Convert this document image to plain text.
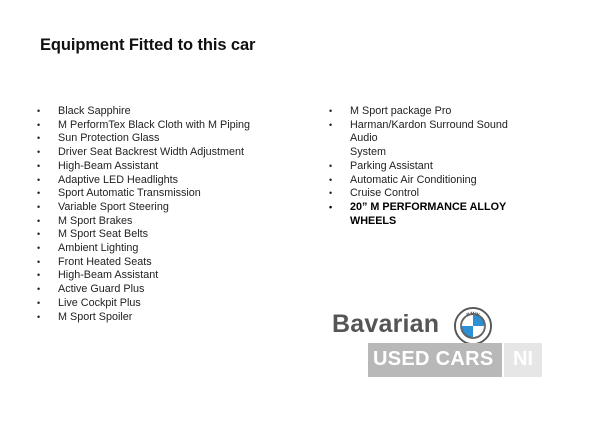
Equipment Fitted to this car
• Black Sapphire
• M PerformTex Black Cloth with M Piping
• Sun Protection Glass
• Driver Seat Backrest Width Adjustment
• High-Beam Assistant
• Adaptive LED Headlights
• Sport Automatic Transmission
• Variable Sport Steering
• M Sport Brakes
• M Sport Seat Belts
• Ambient Lighting
• Front Heated Seats
• High-Beam Assistant
• Active Guard Plus
• Live Cockpit Plus
• M Sport Spoiler
• M Sport package Pro
• Harman/Kardon Surround Sound Audio
System
• Parking Assistant
• Automatic Air Conditioning
• Cruise Control
• 20” M PERFORMANCE ALLOY
WHEELS
Bavarian	BMW
USED CARS NI
